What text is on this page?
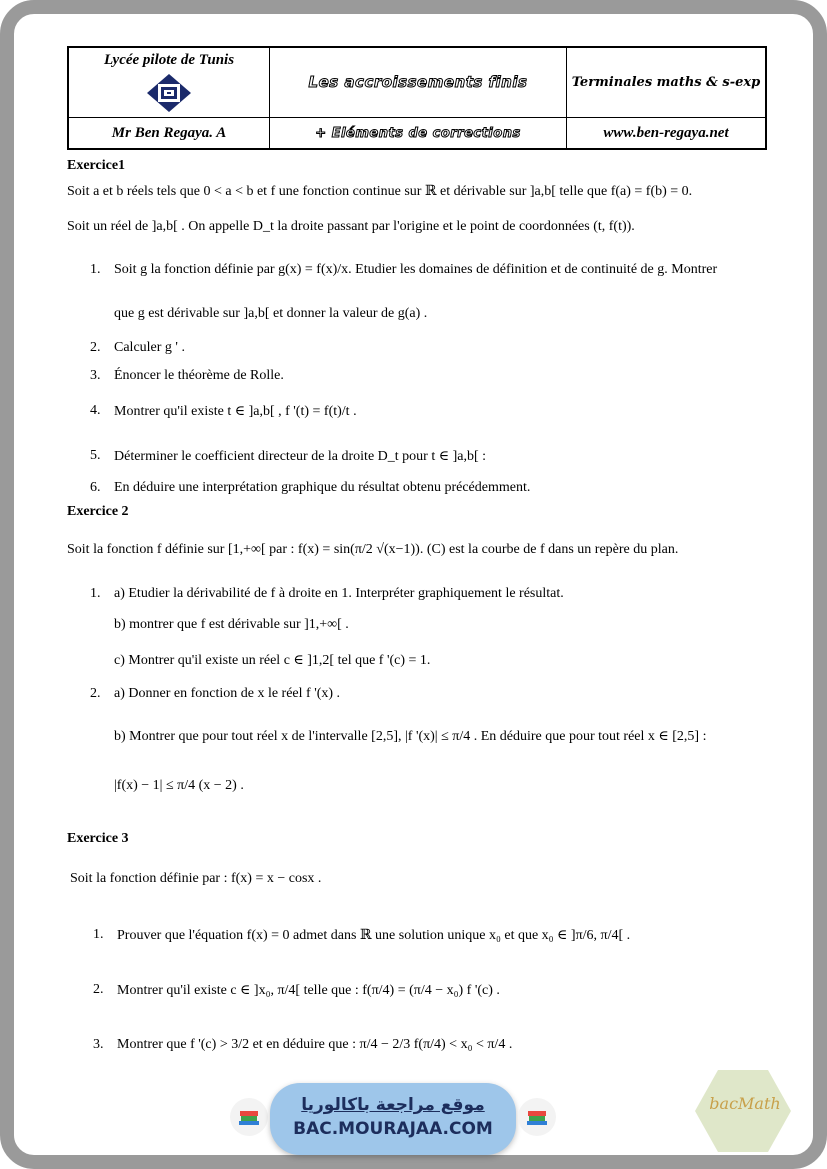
Lycée pilote de Tunis	Les accroissements finis	Terminales maths & s-exp
Mr Ben Regaya. A	+ Eléments de corrections	www.ben-regaya.net
Exercice1
Soit a et b réels tels que 0 < a < b et f une fonction continue sur ℝ et dérivable sur ]a,b[ telle que f(a) = f(b) = 0.
Soit un réel de ]a,b[ . On appelle D_t la droite passant par l'origine et le point de coordonnées (t, f(t)).
1. Soit g la fonction définie par g(x) = f(x)/x. Etudier les domaines de définition et de continuité de g. Montrer
que g est dérivable sur ]a,b[ et donner la valeur de g(a) .
2. Calculer g ' .
3. Énoncer le théorème de Rolle.
4. Montrer qu'il existe t ∈ ]a,b[ , f '(t) = f(t)/t .
5. Déterminer le coefficient directeur de la droite D_t pour t ∈ ]a,b[ :
6. En déduire une interprétation graphique du résultat obtenu précédemment.
Exercice 2
Soit la fonction f définie sur [1,+∞[ par : f(x) = sin(π/2 √(x−1)). (C) est la courbe de f dans un repère du plan.
1. a) Etudier la dérivabilité de f à droite en 1. Interpréter graphiquement le résultat.
b) montrer que f est dérivable sur ]1,+∞[ .
c) Montrer qu'il existe un réel c ∈ ]1,2[ tel que f '(c) = 1.
2. a) Donner en fonction de x le réel f '(x) .
b) Montrer que pour tout réel x de l'intervalle [2,5], |f '(x)| ≤ π/4 . En déduire que pour tout réel x ∈ [2,5] :
|f(x) − 1| ≤ π/4 (x − 2) .
Exercice 3
Soit la fonction définie par : f(x) = x − cosx .
1. Prouver que l'équation f(x) = 0 admet dans ℝ une solution unique x₀ et que x₀ ∈ ]π/6, π/4[ .
2. Montrer qu'il existe c ∈ ]x₀, π/4[ telle que : f(π/4) = (π/4 − x₀) f '(c) .
3. Montrer que f '(c) > 3/2 et en déduire que : π/4 − 2/3 f(π/4) < x₀ < π/4 .
موقع مراجعة باكالوريا
BAC.MOURAJAA.COM
bacMath
